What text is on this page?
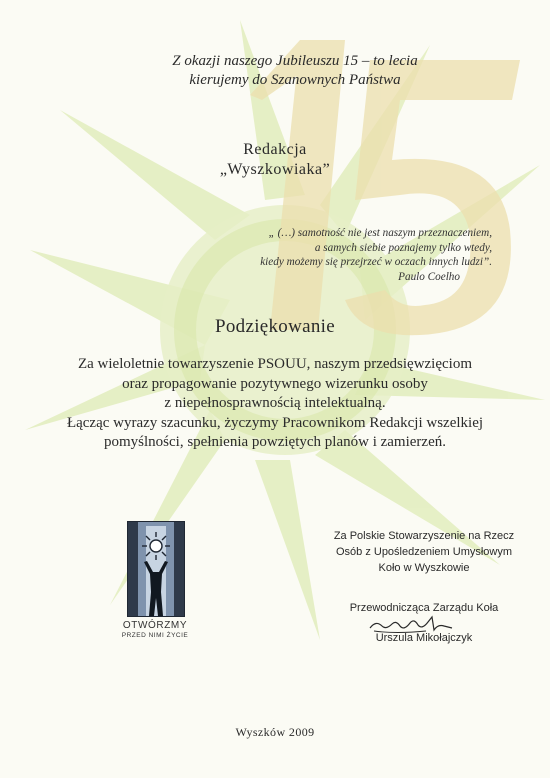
Z okazji naszego Jubileuszu 15 – to lecia
kierujemy do Szanownych Państwa
Redakcja
„Wyszkowiaka”
„ (…) samotność nie jest naszym przeznaczeniem,
a samych siebie poznajemy tylko wtedy,
kiedy możemy się przejrzeć w oczach innych ludzi”.
Paulo Coelho
Podziękowanie
Za wieloletnie towarzyszenie PSOUU, naszym przedsięwzięciom
oraz propagowanie pozytywnego wizerunku osoby
z niepełnosprawnością intelektualną.
Łącząc wyrazy szacunku, życzymy Pracownikom Redakcji wszelkiej
pomyślności, spełnienia powziętych planów i zamierzeń.
OTWÓRZMY
PRZED NIMI ŻYCIE
Za Polskie Stowarzyszenie na Rzecz
Osób z Upośledzeniem Umysłowym
Koło w Wyszkowie
Przewodnicząca Zarządu Koła
Urszula Mikołajczyk
Wyszków 2009
